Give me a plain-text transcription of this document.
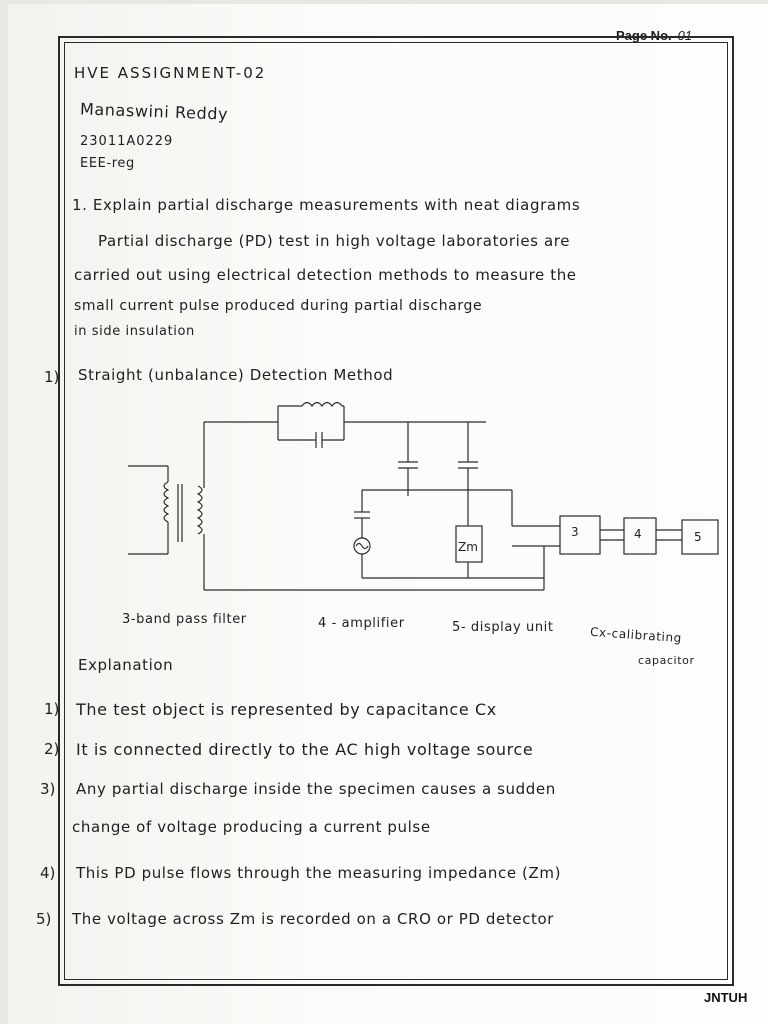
Page No. 01
HVE ASSIGNMENT-02
Manaswini Reddy
23011A0229
EEE-reg
1. Explain partial discharge measurements with neat diagrams
Partial discharge (PD) test in high voltage laboratories are
carried out using electrical detection methods to measure the
small current pulse produced during partial discharge
in side insulation
1) Straight (unbalance) Detection Method
Zm
3	4	5
3-band pass filter	4 - amplifier	5- display unit	Cx-calibrating
capacitor
Explanation
1) The test object is represented by capacitance Cx
2) It is connected directly to the AC high voltage source
3) Any partial discharge inside the specimen causes a sudden
change of voltage producing a current pulse
4) This PD pulse flows through the measuring impedance (Zm)
5) The voltage across Zm is recorded on a CRO or PD detector
JNTUH
